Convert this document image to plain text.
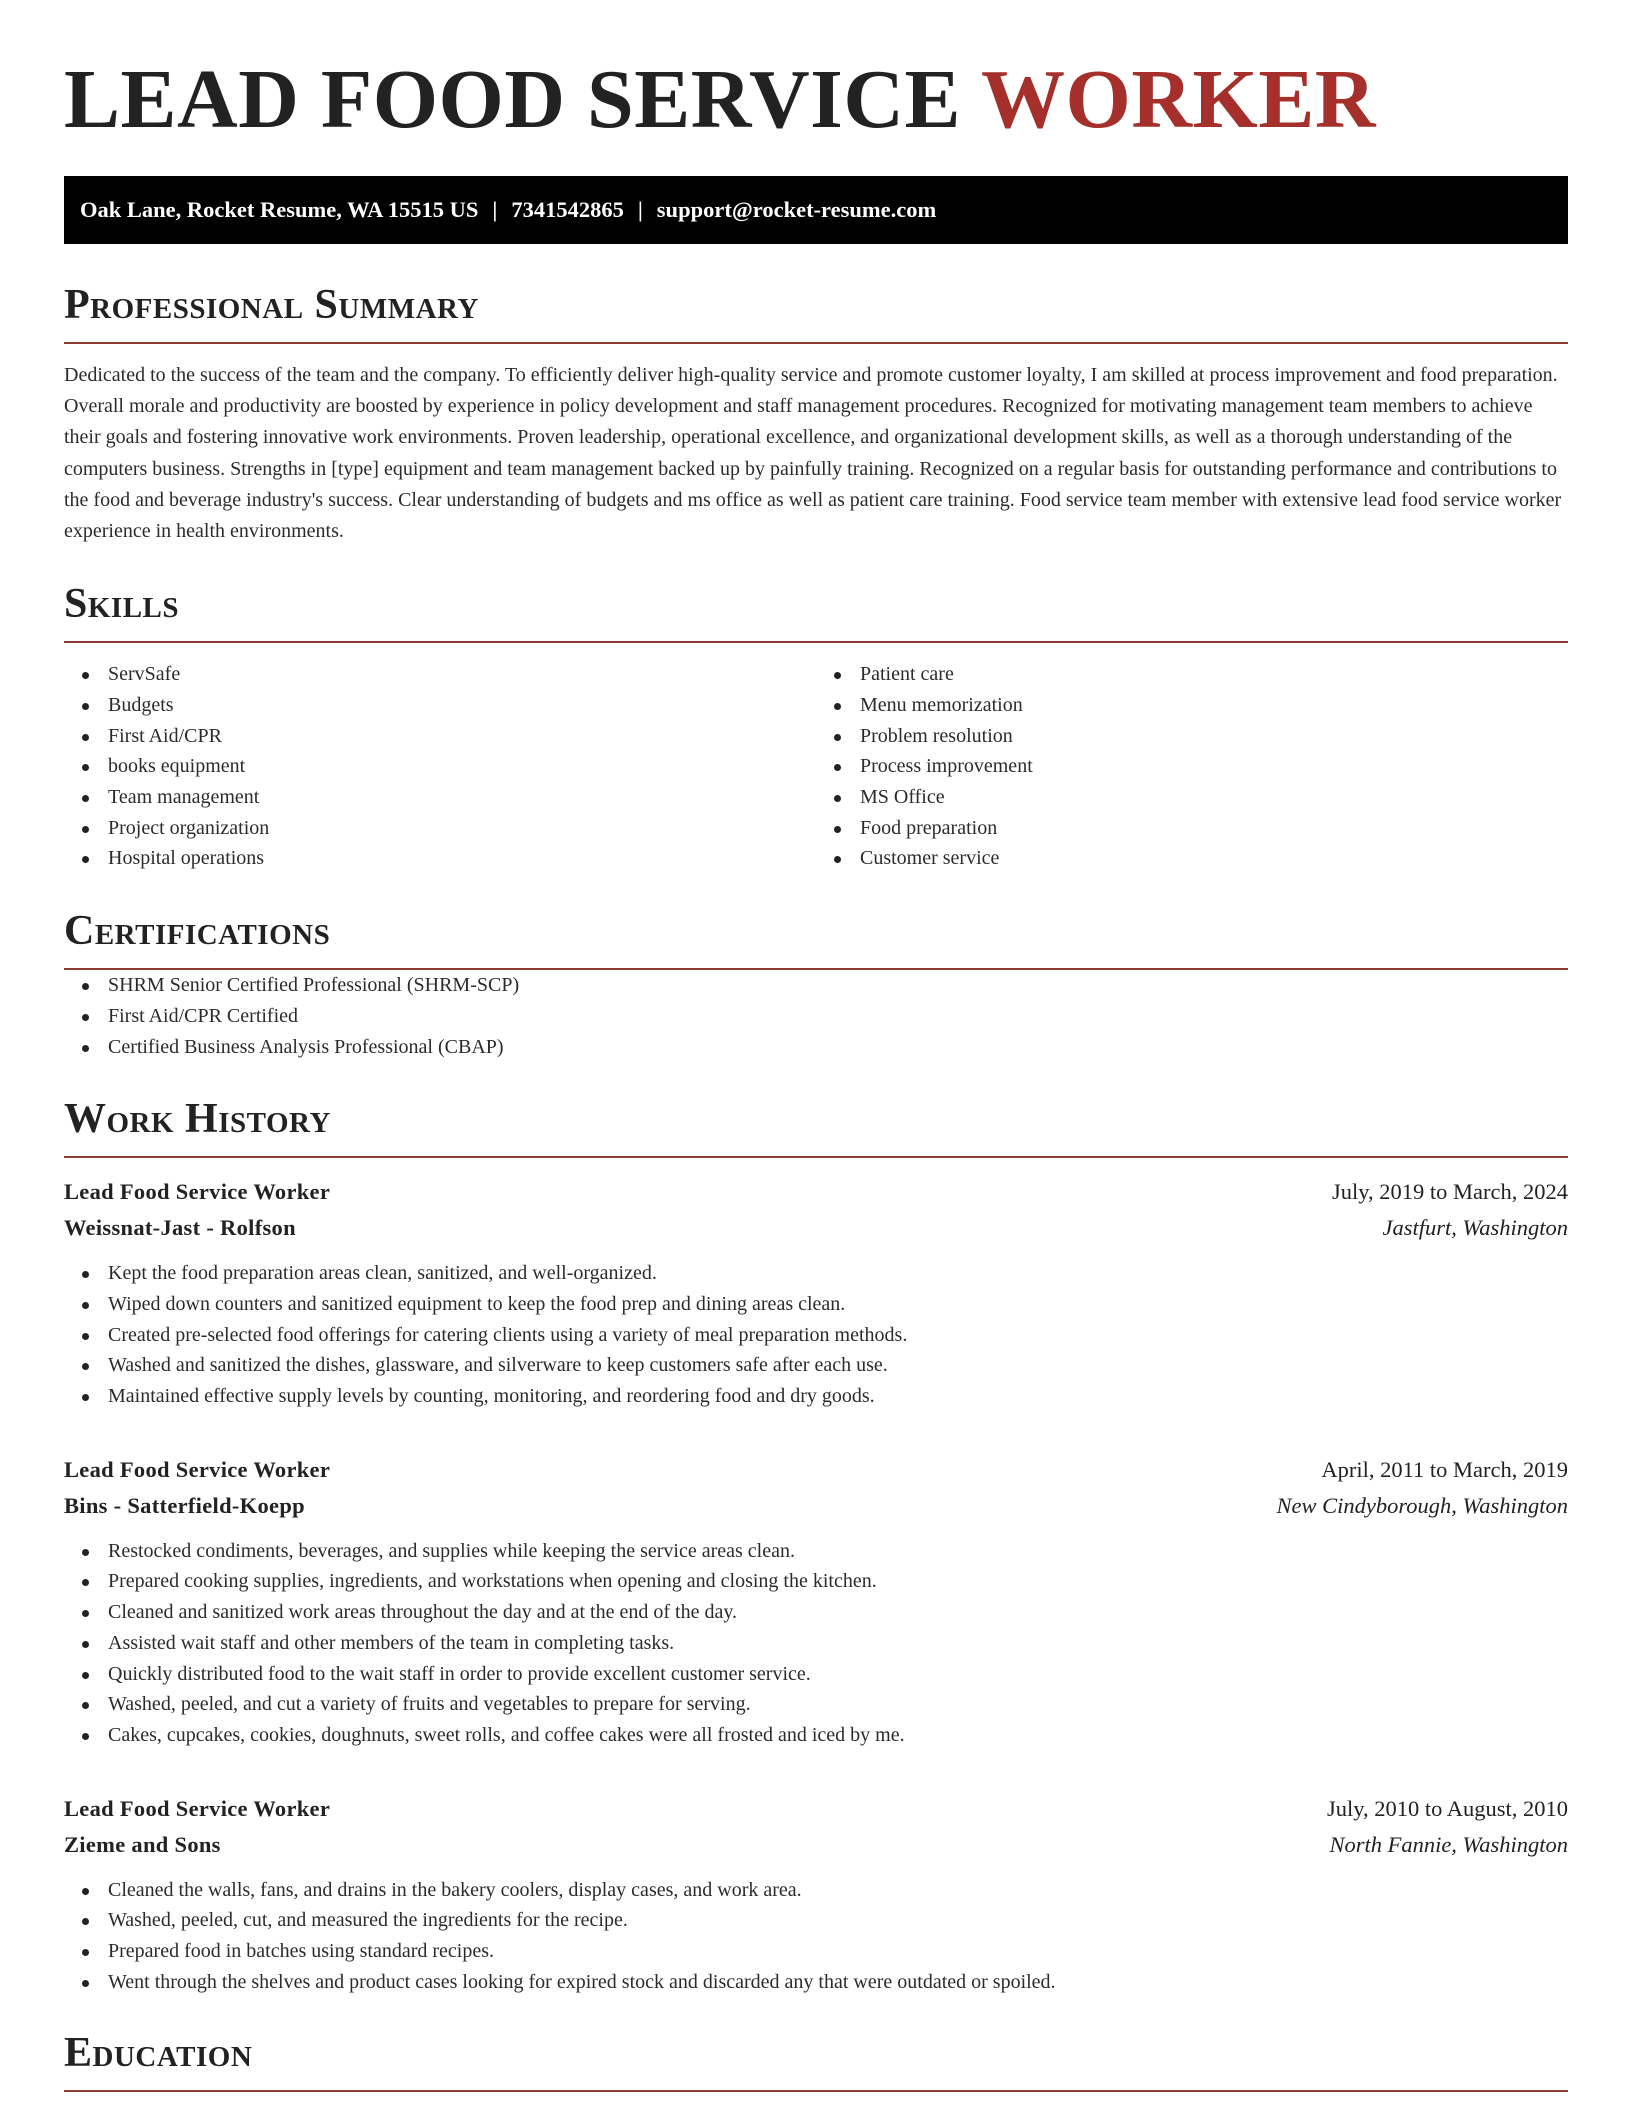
LEAD FOOD SERVICE WORKER
Oak Lane, Rocket Resume, WA 15515 US | 7341542865 | support@rocket-resume.com
Professional Summary

Dedicated to the success of the team and the company. To efficiently deliver high-quality service and promote customer loyalty, I am skilled at process improvement and food preparation. Overall morale and productivity are boosted by experience in policy development and staff management procedures. Recognized for motivating management team members to achieve their goals and fostering innovative work environments. Proven leadership, operational excellence, and organizational development skills, as well as a thorough understanding of the computers business. Strengths in [type] equipment and team management backed up by painfully training. Recognized on a regular basis for outstanding performance and contributions to the food and beverage industry's success. Clear understanding of budgets and ms office as well as patient care training. Food service team member with extensive lead food service worker experience in health environments.

Skills
ServSafe
Budgets
First Aid/CPR
books equipment
Team management
Project organization
Hospital operations
Patient care
Menu memorization
Problem resolution
Process improvement
MS Office
Food preparation
Customer service
Certifications
SHRM Senior Certified Professional (SHRM-SCP)
First Aid/CPR Certified
Certified Business Analysis Professional (CBAP)
Work History
Lead Food Service Worker	July, 2019 to March, 2024
Weissnat-Jast - Rolfson	Jastfurt, Washington
Kept the food preparation areas clean, sanitized, and well-organized.
Wiped down counters and sanitized equipment to keep the food prep and dining areas clean.
Created pre-selected food offerings for catering clients using a variety of meal preparation methods.
Washed and sanitized the dishes, glassware, and silverware to keep customers safe after each use.
Maintained effective supply levels by counting, monitoring, and reordering food and dry goods.
Lead Food Service Worker	April, 2011 to March, 2019
Bins - Satterfield-Koepp	New Cindyborough, Washington
Restocked condiments, beverages, and supplies while keeping the service areas clean.
Prepared cooking supplies, ingredients, and workstations when opening and closing the kitchen.
Cleaned and sanitized work areas throughout the day and at the end of the day.
Assisted wait staff and other members of the team in completing tasks.
Quickly distributed food to the wait staff in order to provide excellent customer service.
Washed, peeled, and cut a variety of fruits and vegetables to prepare for serving.
Cakes, cupcakes, cookies, doughnuts, sweet rolls, and coffee cakes were all frosted and iced by me.
Lead Food Service Worker	July, 2010 to August, 2010
Zieme and Sons	North Fannie, Washington
Cleaned the walls, fans, and drains in the bakery coolers, display cases, and work area.
Washed, peeled, cut, and measured the ingredients for the recipe.
Prepared food in batches using standard recipes.
Went through the shelves and product cases looking for expired stock and discarded any that were outdated or spoiled.
Education
